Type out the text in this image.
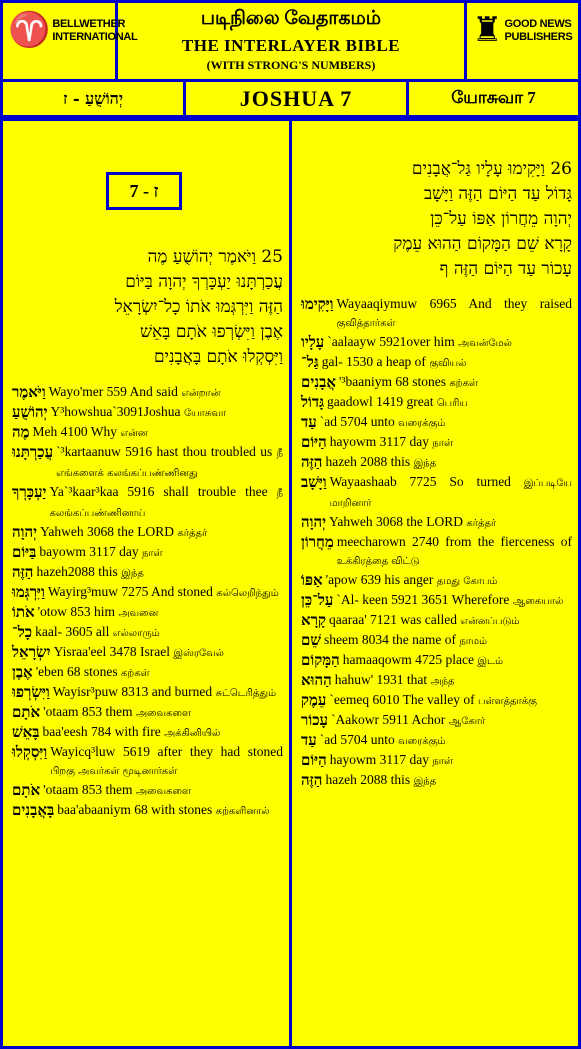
♈ BELLWETHER
INTERNATIONAL
படிநிலை வேதாகமம்
THE INTERLAYER BIBLE
(WITH STRONG'S NUMBERS)
♜ GOOD NEWS
PUBLISHERS
יְהוֹשֻׁעַ - ז	JOSHUA 7	யோசுவா 7
7 - ז
25 וַיֹּאמֶר יְהוֹשֻׁעַ מֶה
עֲכַרְתָּנוּ יַעְכָּרְךָ יְהוָה בַּיּוֹם
הַזֶּה וַיִּרְגְּמוּ אֹתוֹ כָל־יִשְׂרָאֵל
אֶבֶן וַיִּשְׂרְפוּ אֹתָם בָּאֵשׁ
וַיִּסְקְלוּ אֹתָם בָּאֲבָנִים
וַיֹּאמֶר Wayo'mer 559 And said என்றான்
יְהוֹשֻׁעַ Y³howshua`3091Joshua யோசுவா
מֶה Meh 4100 Why என்ன
עֲכַרְתָּנוּ `³kartaanuw 5916 hast thou troubled us நீ எங்களைக் கலங்கப்பண்ணினது
יַעְכָּרְךָ Ya`³kaar³kaa 5916 shall trouble thee நீ கலங்கப்பண்ணினாய்
יְהוָה Yahweh 3068 the LORD கர்த்தர்
בַּיּוֹם bayowm 3117 day நாள்
הַזֶּה hazeh2088 this இந்த
וַיִּרְגְּמוּ Wayirg³muw 7275 And stoned கல்லெறிந்தும்
אֹתוֹ 'otow 853 him அவனை
כָל־ kaal- 3605 all எல்லாரும்
יִשְׂרָאֵל Yisraa'eel 3478 Israel இஸ்ரவேல்
אֶבֶן 'eben 68 stones கற்கள்
וַיִּשְׂרְפוּ Wayisr³puw 8313 and burned சுட்டெரித்தும்
אֹתָם 'otaam 853 them அவைகளை
בָּאֵשׁ baa'eesh 784 with fire அக்கினியில்
וַיִּסְקְלוּ Wayicq³luw 5619 after they had stoned பிறகு அவர்கள் மூடினார்கள்
אֹתָם 'otaam 853 them அவைகளை
בָּאֲבָנִים baa'abaaniym 68 with stones கற்களினால்
26 וַיָּקִימוּ עָלָיו גַּל־אֲבָנִים
גָּדוֹל עַד הַיּוֹם הַזֶּה וַיָּשָׁב
יְהוָה מֵחֲרוֹן אַפּוֹ עַל־כֵּן
קָרָא שֵׁם הַמָּקוֹם הַהוּא עֵמֶק
עָכוֹר עַד הַיּוֹם הַזֶּה ף
וַיָּקִימוּ Wayaaqiymuw 6965 And they raised குவித்தார்கள்
עָלָיו `aalaayw 5921over him அவன்மேல்
גַּל־ gal- 1530 a heap of குவியல்
אֲבָנִים '³baaniym 68 stones கற்கள்
גָּדוֹל gaadowl 1419 great பெரிய
עַד `ad 5704 unto வரைக்கும்
הַיּוֹם hayowm 3117 day நாள்
הַזֶּה hazeh 2088 this இந்த
וַיָּשָׁב Wayaashaab 7725 So turned இப்படியே மாறினார்
יְהוָה Yahweh 3068 the LORD கர்த்தர்
מֵחֲרוֹן meecharown 2740 from the fierceness of உக்கிரத்தை விட்டு
אַפּוֹ 'apow 639 his anger தமது கோபம்
עַל־כֵּן `Al- keen 5921 3651 Wherefore ஆகையால்
קָרָא qaaraa' 7121 was called என்னப்படும்
שֵׁם sheem 8034 the name of நாமம்
הַמָּקוֹם hamaaqowm 4725 place இடம்
הַהוּא hahuw' 1931 that அந்த
עֵמֶק `eemeq 6010 The valley of பள்ளத்தாக்கு
עָכוֹר `Aakowr 5911 Achor ஆகோர்
עַד `ad 5704 unto வரைக்கும்
הַיּוֹם hayowm 3117 day நாள்
הַזֶּה hazeh 2088 this இந்த
